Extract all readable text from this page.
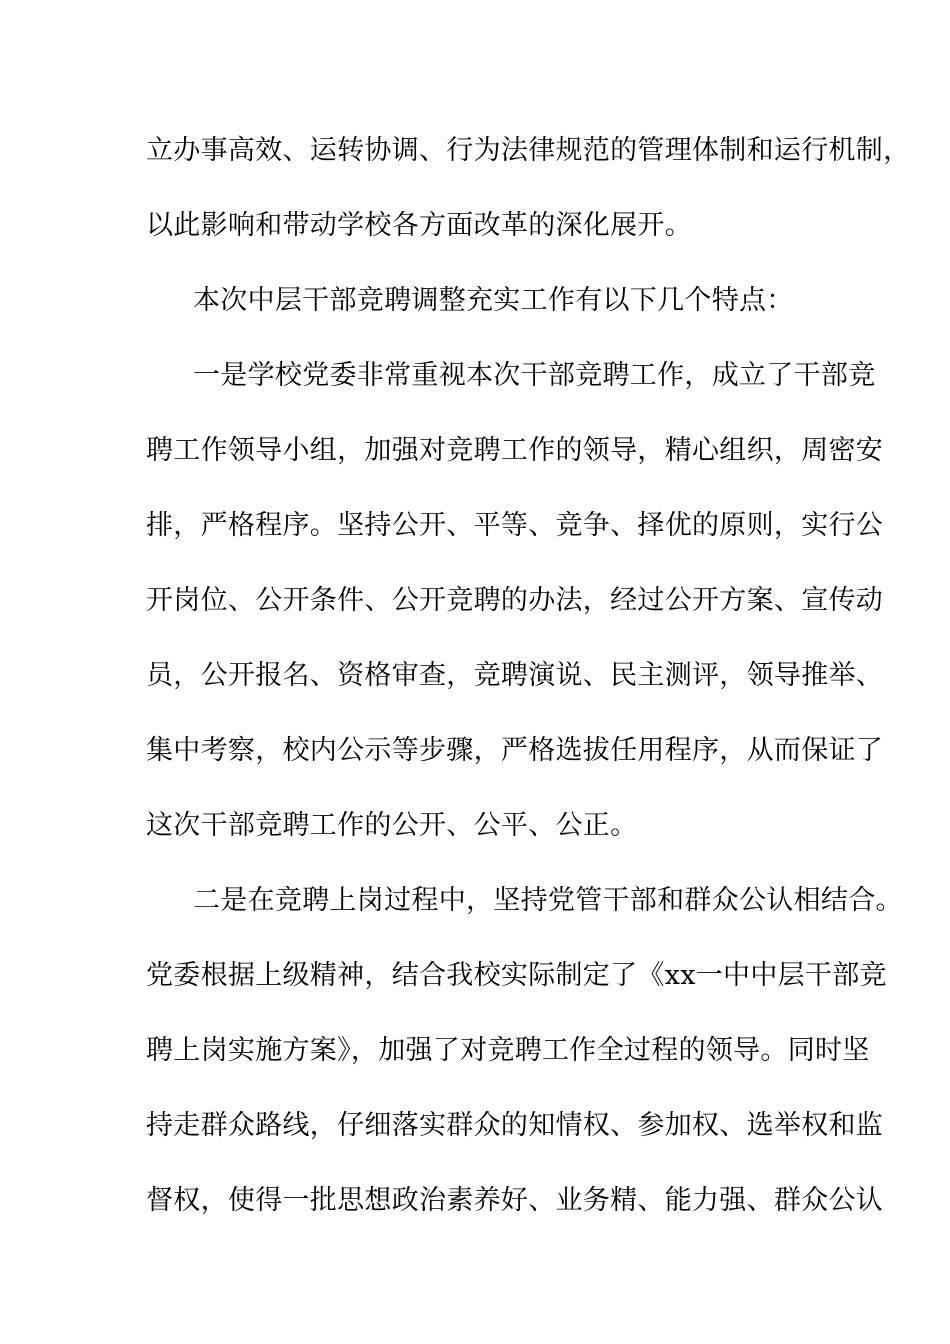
立办事高效、运转协调、行为法律规范的管理体制和运行机制，
以此影响和带动学校各方面改革的深化展开。
本次中层干部竞聘调整充实工作有以下几个特点：
一是学校党委非常重视本次干部竞聘工作，成立了干部竞
聘工作领导小组，加强对竞聘工作的领导，精心组织，周密安
排，严格程序。坚持公开、平等、竞争、择优的原则，实行公
开岗位、公开条件、公开竞聘的办法，经过公开方案、宣传动
员，公开报名、资格审查，竞聘演说、民主测评，领导推举、
集中考察，校内公示等步骤，严格选拔任用程序，从而保证了
这次干部竞聘工作的公开、公平、公正。
二是在竞聘上岗过程中，坚持党管干部和群众公认相结合。
党委根据上级精神，结合我校实际制定了《xx一中中层干部竞
聘上岗实施方案》，加强了对竞聘工作全过程的领导。同时坚
持走群众路线，仔细落实群众的知情权、参加权、选举权和监
督权，使得一批思想政治素养好、业务精、能力强、群众公认
